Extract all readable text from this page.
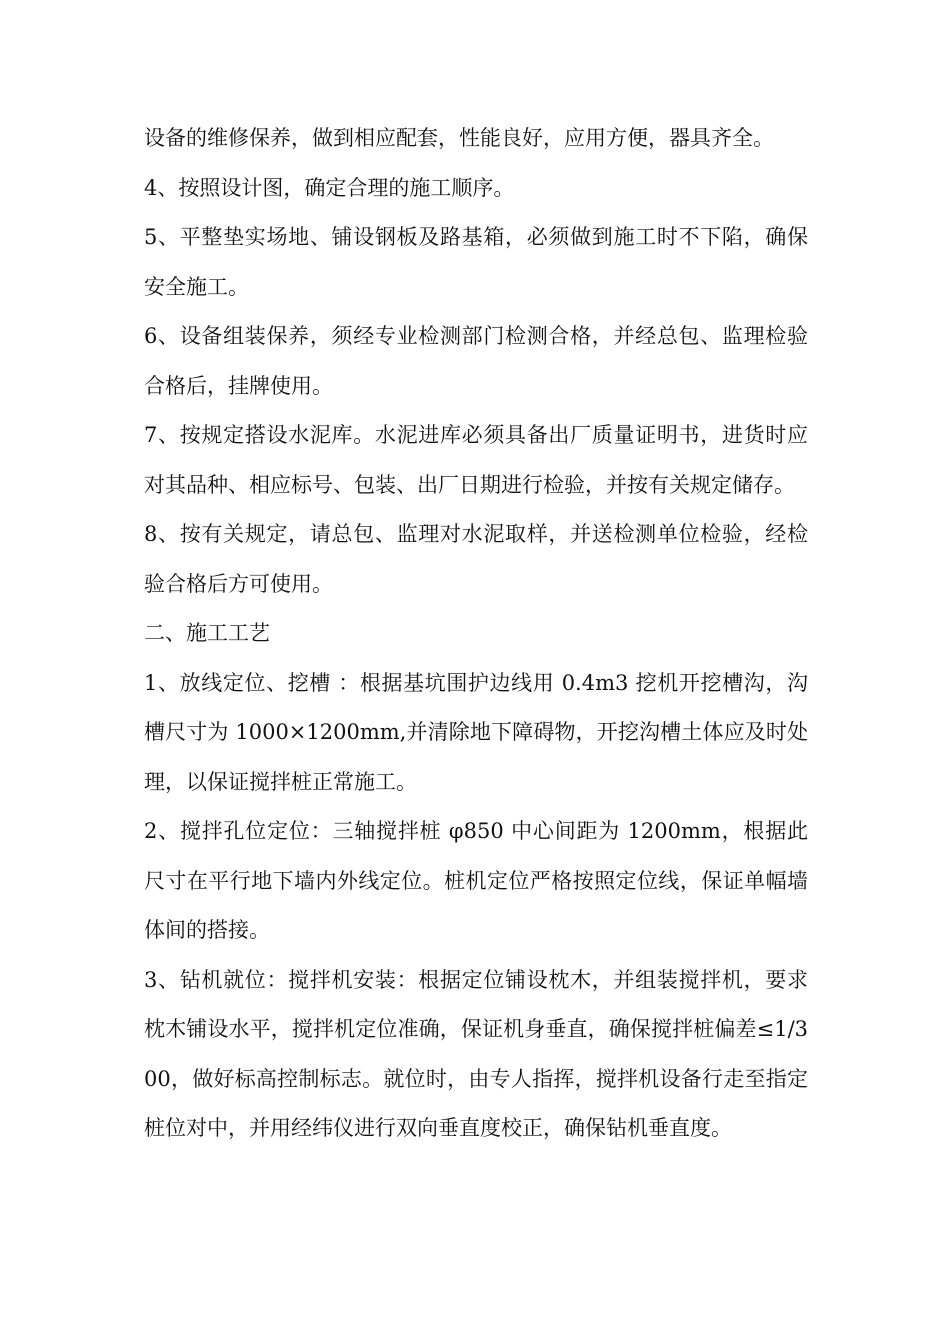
设备的维修保养，做到相应配套，性能良好，应用方便，器具齐全。

4、按照设计图，确定合理的施工顺序。

5、平整垫实场地、铺设钢板及路基箱，必须做到施工时不下陷，确保安全施工。

6、设备组装保养，须经专业检测部门检测合格，并经总包、监理检验合格后，挂牌使用。

7、按规定搭设水泥库。水泥进库必须具备出厂质量证明书，进货时应对其品种、相应标号、包装、出厂日期进行检验，并按有关规定储存。

8、按有关规定，请总包、监理对水泥取样，并送检测单位检验，经检验合格后方可使用。

二、施工工艺

1、放线定位、挖槽 ：根据基坑围护边线用 0.4m3 挖机开挖槽沟，沟槽尺寸为 1000×1200mm,并清除地下障碍物，开挖沟槽土体应及时处理，以保证搅拌桩正常施工。

2、搅拌孔位定位：三轴搅拌桩 φ850 中心间距为 1200mm，根据此尺寸在平行地下墙内外线定位。桩机定位严格按照定位线，保证单幅墙体间的搭接。

3、钻机就位：搅拌机安装：根据定位铺设枕木，并组装搅拌机，要求枕木铺设水平，搅拌机定位准确，保证机身垂直，确保搅拌桩偏差≤1/300，做好标高控制标志。就位时，由专人指挥，搅拌机设备行走至指定桩位对中，并用经纬仪进行双向垂直度校正，确保钻机垂直度。
